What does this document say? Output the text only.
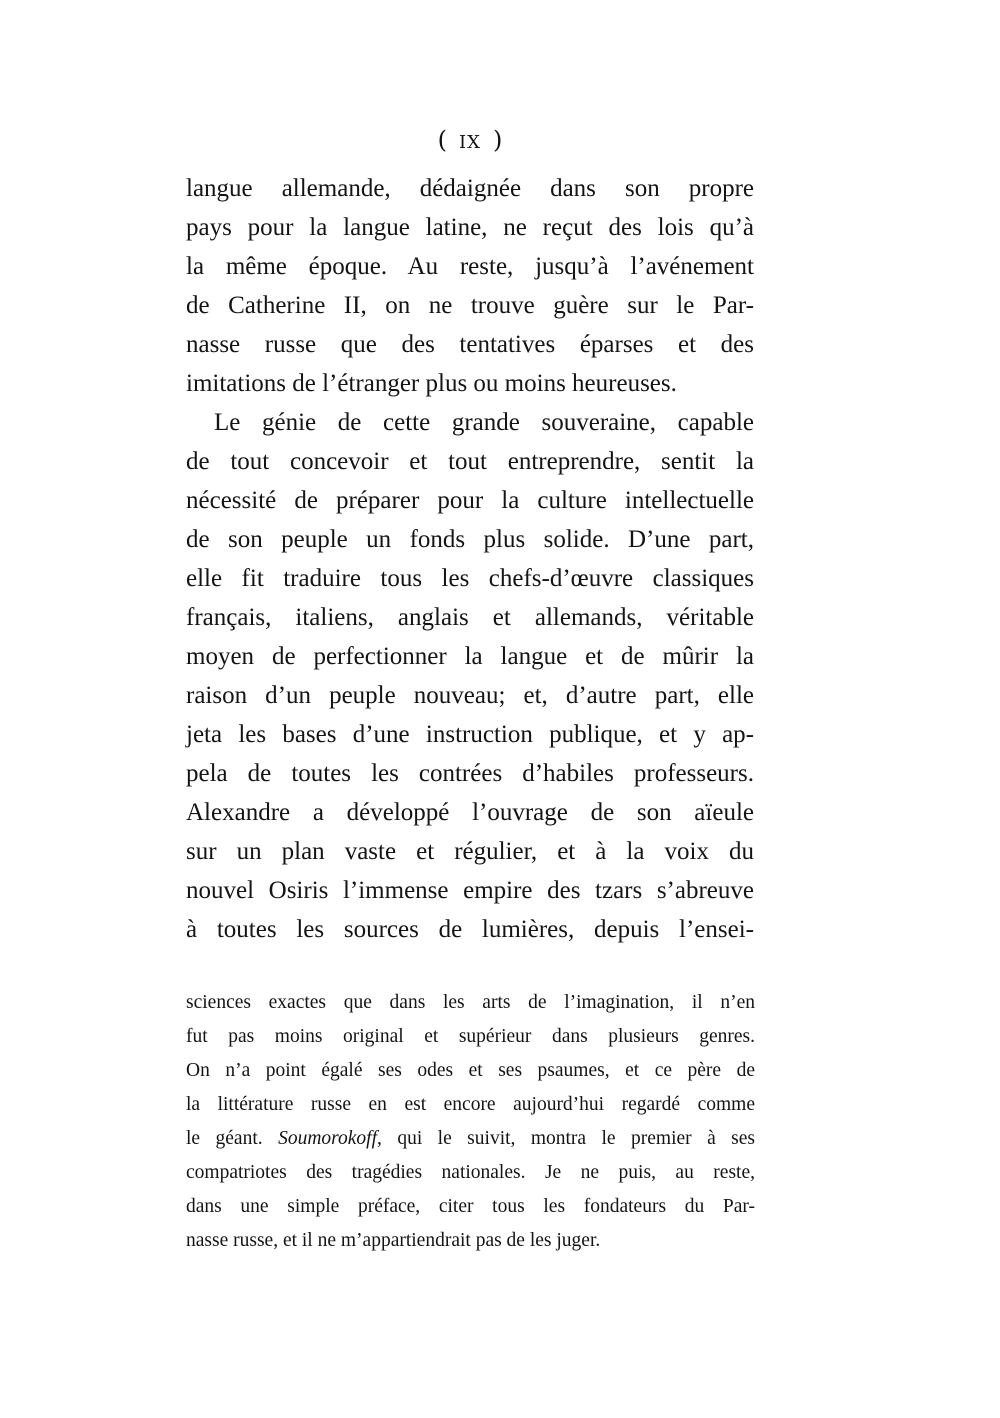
( IX )
langue allemande, dédaignée dans son propre
pays pour la langue latine, ne reçut des lois qu’à
la même époque. Au reste, jusqu’à l’avénement
de Catherine II, on ne trouve guère sur le Par-
nasse russe que des tentatives éparses et des
imitations de l’étranger plus ou moins heureuses.
Le génie de cette grande souveraine, capable
de tout concevoir et tout entreprendre, sentit la
nécessité de préparer pour la culture intellectuelle
de son peuple un fonds plus solide. D’une part,
elle fit traduire tous les chefs-d’œuvre classiques
français, italiens, anglais et allemands, véritable
moyen de perfectionner la langue et de mûrir la
raison d’un peuple nouveau; et, d’autre part, elle
jeta les bases d’une instruction publique, et y ap-
pela de toutes les contrées d’habiles professeurs.
Alexandre a développé l’ouvrage de son aïeule
sur un plan vaste et régulier, et à la voix du
nouvel Osiris l’immense empire des tzars s’abreuve
à toutes les sources de lumières, depuis l’ensei-
sciences exactes que dans les arts de l’imagination, il n’en
fut pas moins original et supérieur dans plusieurs genres.
On n’a point égalé ses odes et ses psaumes, et ce père de
la littérature russe en est encore aujourd’hui regardé comme
le géant. Soumorokoff, qui le suivit, montra le premier à ses
compatriotes des tragédies nationales. Je ne puis, au reste,
dans une simple préface, citer tous les fondateurs du Par-
nasse russe, et il ne m’appartiendrait pas de les juger.
